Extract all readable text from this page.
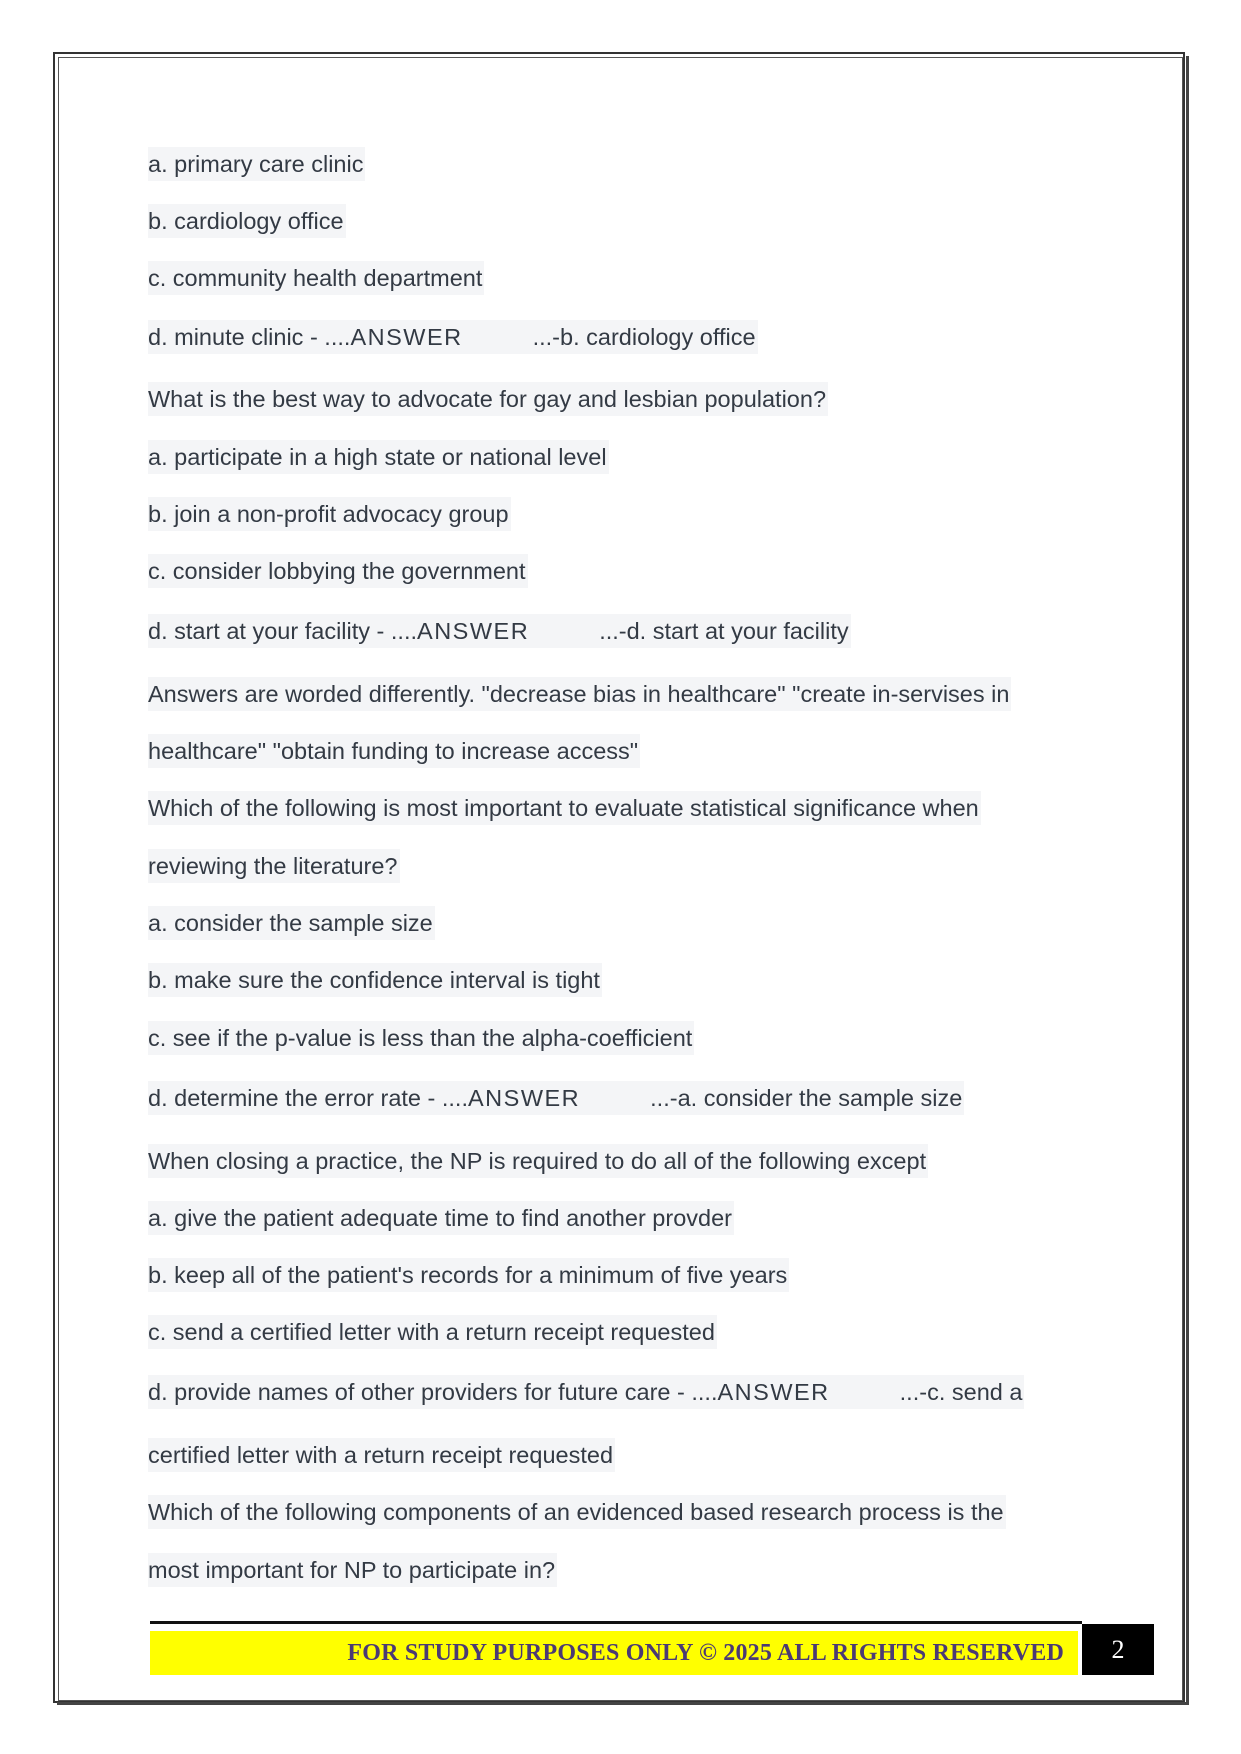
a. primary care clinic
b. cardiology office
c. community health department
d. minute clinic - ....ANSWER	...-b. cardiology office
What is the best way to advocate for gay and lesbian population?
a. participate in a high state or national level
b. join a non-profit advocacy group
c. consider lobbying the government
d. start at your facility - ....ANSWER	...-d. start at your facility
Answers are worded differently. "decrease bias in healthcare" "create in-servises in
healthcare" "obtain funding to increase access"
Which of the following is most important to evaluate statistical significance when
reviewing the literature?
a. consider the sample size
b. make sure the confidence interval is tight
c. see if the p-value is less than the alpha-coefficient
d. determine the error rate - ....ANSWER	...-a. consider the sample size
When closing a practice, the NP is required to do all of the following except
a. give the patient adequate time to find another provder
b. keep all of the patient's records for a minimum of five years
c. send a certified letter with a return receipt requested
d. provide names of other providers for future care - ....ANSWER	...-c. send a
certified letter with a return receipt requested
Which of the following components of an evidenced based research process is the
most important for NP to participate in?
FOR STUDY PURPOSES ONLY © 2025 ALL RIGHTS RESERVED	2
